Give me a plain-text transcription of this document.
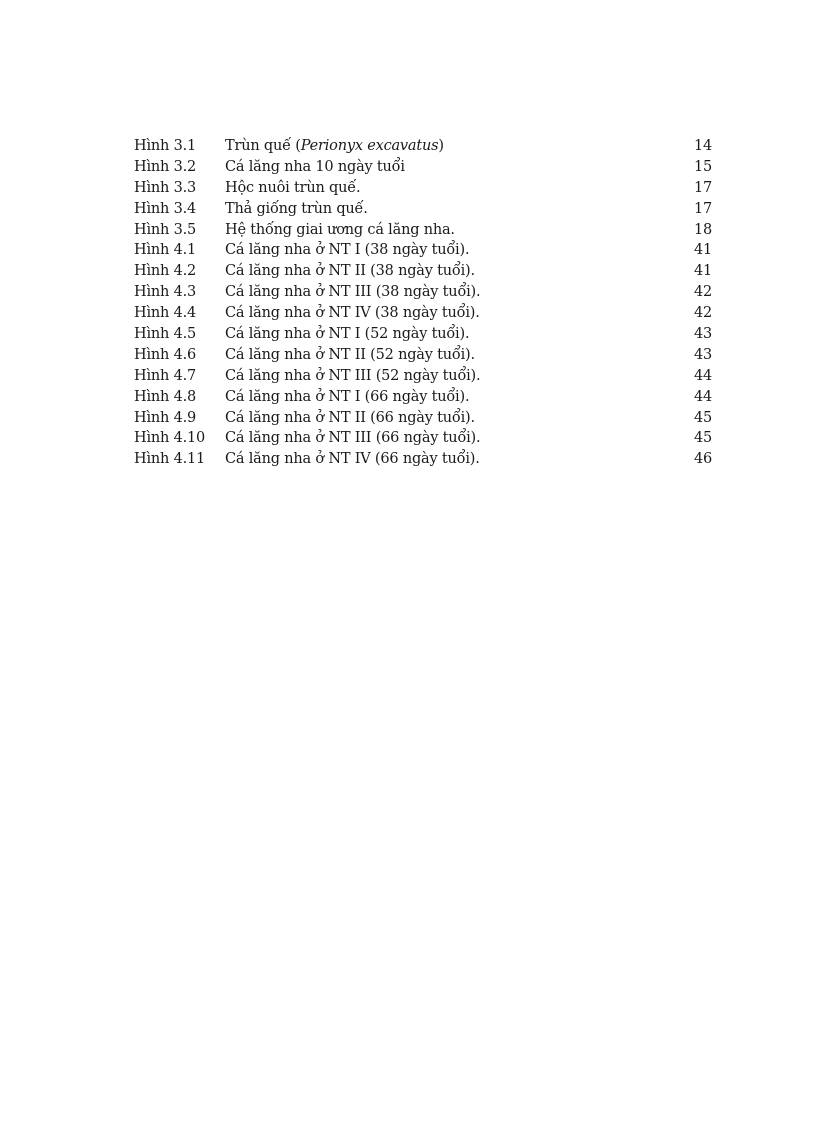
Hình 3.1	Trùn quế (Perionyx excavatus)	14
Hình 3.2	Cá lăng nha 10 ngày tuổi	15
Hình 3.3	Hộc nuôi trùn quế.	17
Hình 3.4	Thả giống trùn quế.	17
Hình 3.5	Hệ thống giai ương cá lăng nha.	18
Hình 4.1	Cá lăng nha ở NT I (38 ngày tuổi).	41
Hình 4.2	Cá lăng nha ở NT II (38 ngày tuổi).	41
Hình 4.3	Cá lăng nha ở NT III (38 ngày tuổi).	42
Hình 4.4	Cá lăng nha ở NT IV (38 ngày tuổi).	42
Hình 4.5	Cá lăng nha ở NT I (52 ngày tuổi).	43
Hình 4.6	Cá lăng nha ở NT II (52 ngày tuổi).	43
Hình 4.7	Cá lăng nha ở NT III (52 ngày tuổi).	44
Hình 4.8	Cá lăng nha ở NT I (66 ngày tuổi).	44
Hình 4.9	Cá lăng nha ở NT II (66 ngày tuổi).	45
Hình 4.10	Cá lăng nha ở NT III (66 ngày tuổi).	45
Hình 4.11	Cá lăng nha ở NT IV (66 ngày tuổi).	46
